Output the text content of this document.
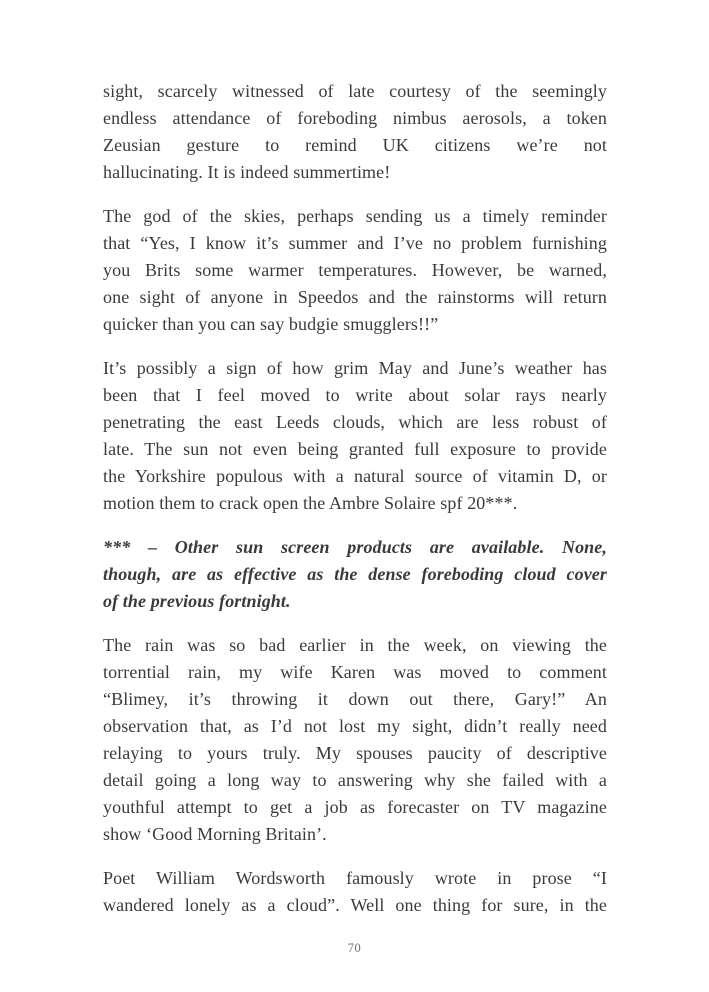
sight, scarcely witnessed of late courtesy of the seemingly
endless attendance of foreboding nimbus aerosols, a token
Zeusian gesture to remind UK citizens we’re not
hallucinating. It is indeed summertime!
The god of the skies, perhaps sending us a timely reminder
that “Yes, I know it’s summer and I’ve no problem furnishing
you Brits some warmer temperatures. However, be warned,
one sight of anyone in Speedos and the rainstorms will return
quicker than you can say budgie smugglers!!”
It’s possibly a sign of how grim May and June’s weather has
been that I feel moved to write about solar rays nearly
penetrating the east Leeds clouds, which are less robust of
late. The sun not even being granted full exposure to provide
the Yorkshire populous with a natural source of vitamin D, or
motion them to crack open the Ambre Solaire spf 20***.
*** – Other sun screen products are available. None,
though, are as effective as the dense foreboding cloud cover
of the previous fortnight.
The rain was so bad earlier in the week, on viewing the
torrential rain, my wife Karen was moved to comment
“Blimey, it’s throwing it down out there, Gary!” An
observation that, as I’d not lost my sight, didn’t really need
relaying to yours truly. My spouses paucity of descriptive
detail going a long way to answering why she failed with a
youthful attempt to get a job as forecaster on TV magazine
show ‘Good Morning Britain’.
Poet William Wordsworth famously wrote in prose “I
wandered lonely as a cloud”. Well one thing for sure, in the
70
